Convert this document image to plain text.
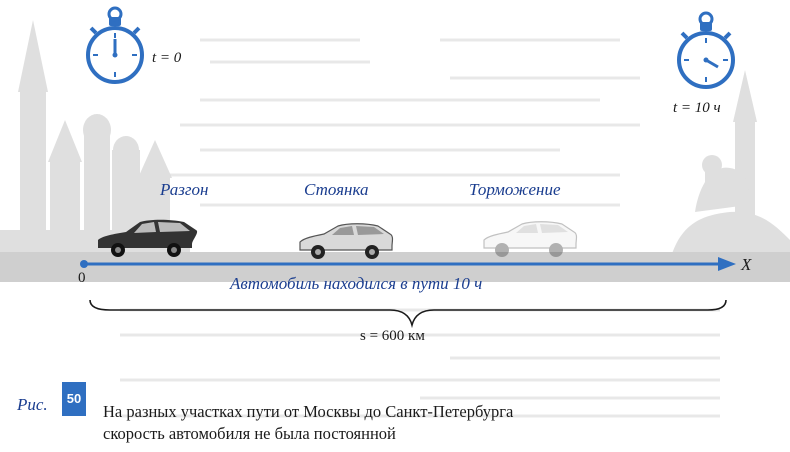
t = 0
t = 10 ч
Разгон	Стоянка	Торможение
0
X
Автомобиль находился в пути 10 ч
s = 600 км
Рис.	50
На разных участках пути от Москвы до Санкт-Петербурга
скорость автомобиля не была постоянной
